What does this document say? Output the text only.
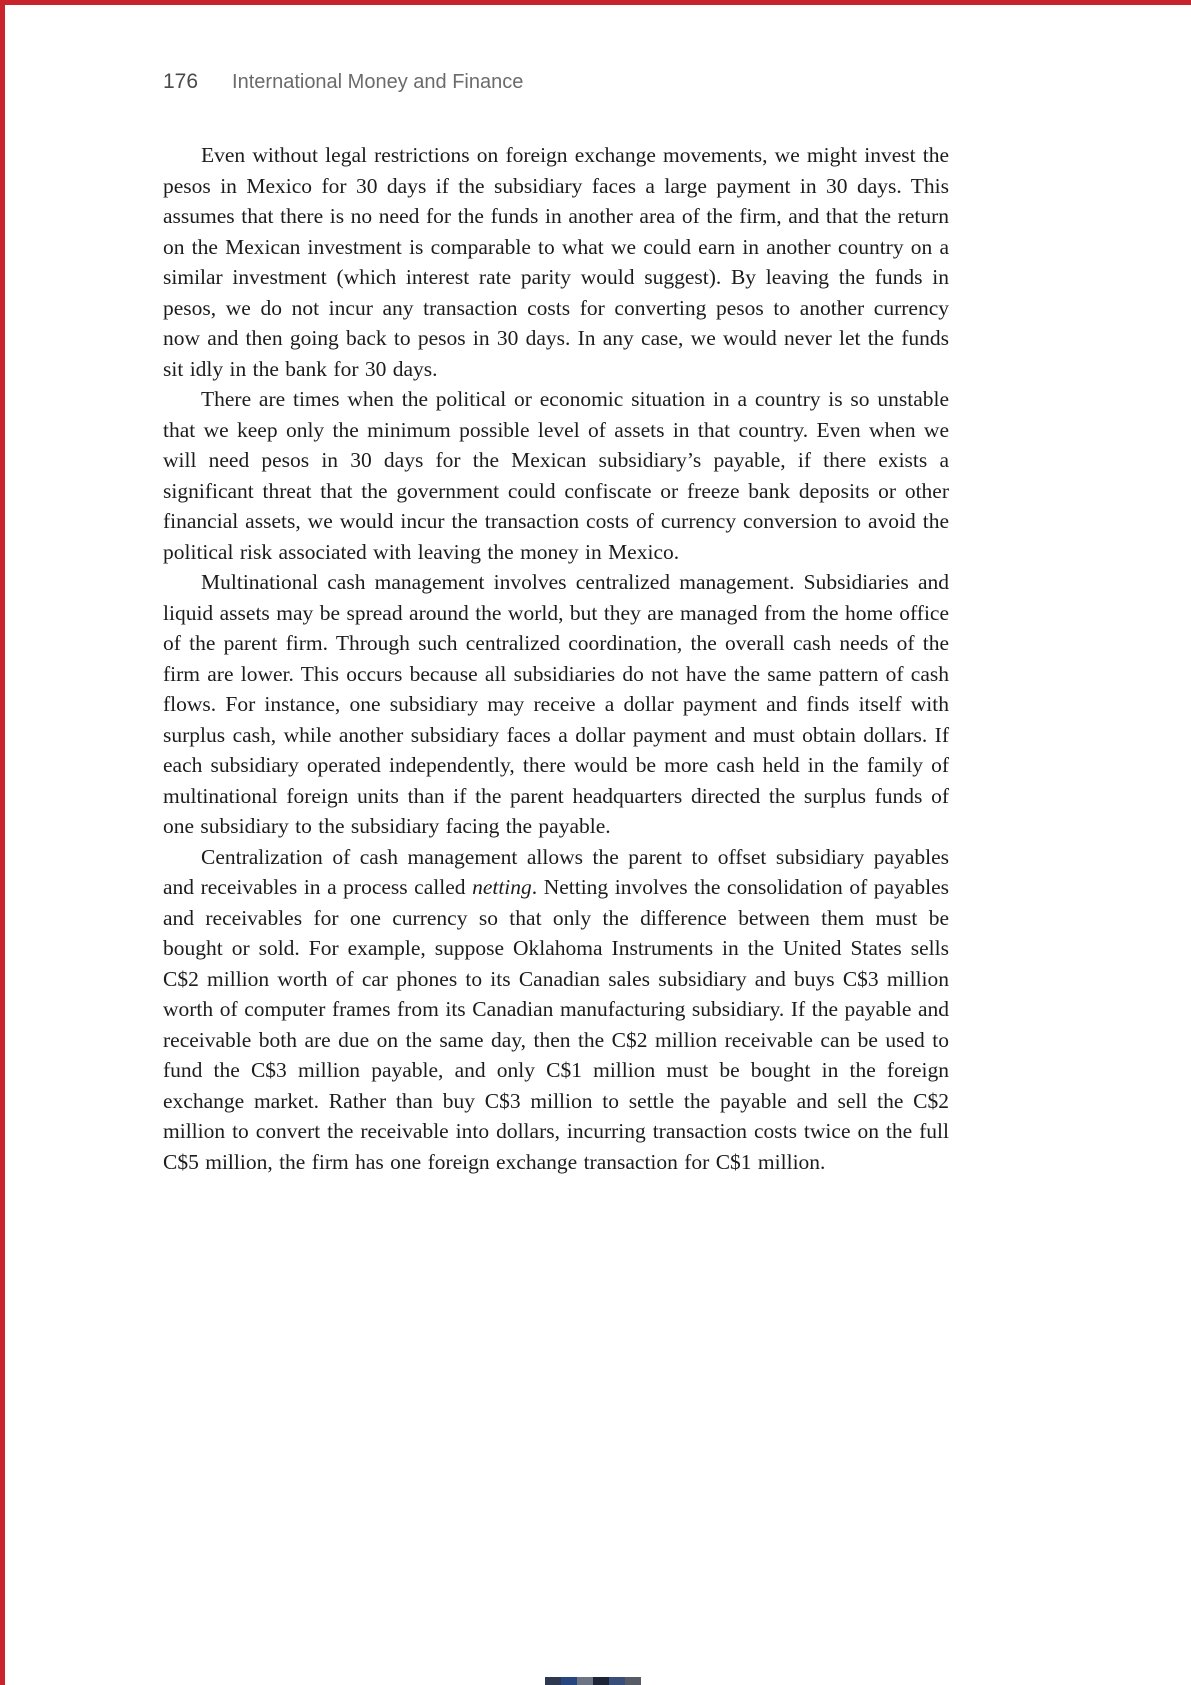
176 International Money and Finance

Even without legal restrictions on foreign exchange movements, we might invest the pesos in Mexico for 30 days if the subsidiary faces a large payment in 30 days. This assumes that there is no need for the funds in another area of the firm, and that the return on the Mexican investment is comparable to what we could earn in another country on a similar investment (which interest rate parity would suggest). By leaving the funds in pesos, we do not incur any transaction costs for converting pesos to another currency now and then going back to pesos in 30 days. In any case, we would never let the funds sit idly in the bank for 30 days.

There are times when the political or economic situation in a country is so unstable that we keep only the minimum possible level of assets in that country. Even when we will need pesos in 30 days for the Mexican subsidiary’s payable, if there exists a significant threat that the government could confiscate or freeze bank deposits or other financial assets, we would incur the transaction costs of currency conversion to avoid the political risk associated with leaving the money in Mexico.

Multinational cash management involves centralized management. Subsidiaries and liquid assets may be spread around the world, but they are managed from the home office of the parent firm. Through such centralized coordination, the overall cash needs of the firm are lower. This occurs because all subsidiaries do not have the same pattern of cash flows. For instance, one subsidiary may receive a dollar payment and finds itself with surplus cash, while another subsidiary faces a dollar payment and must obtain dollars. If each subsidiary operated independently, there would be more cash held in the family of multinational foreign units than if the parent headquarters directed the surplus funds of one subsidiary to the subsidiary facing the payable.

Centralization of cash management allows the parent to offset subsidiary payables and receivables in a process called netting. Netting involves the consolidation of payables and receivables for one currency so that only the difference between them must be bought or sold. For example, suppose Oklahoma Instruments in the United States sells C$2 million worth of car phones to its Canadian sales subsidiary and buys C$3 million worth of computer frames from its Canadian manufacturing subsidiary. If the payable and receivable both are due on the same day, then the C$2 million receivable can be used to fund the C$3 million payable, and only C$1 million must be bought in the foreign exchange market. Rather than buy C$3 million to settle the payable and sell the C$2 million to convert the receivable into dollars, incurring transaction costs twice on the full C$5 million, the firm has one foreign exchange transaction for C$1 million.
